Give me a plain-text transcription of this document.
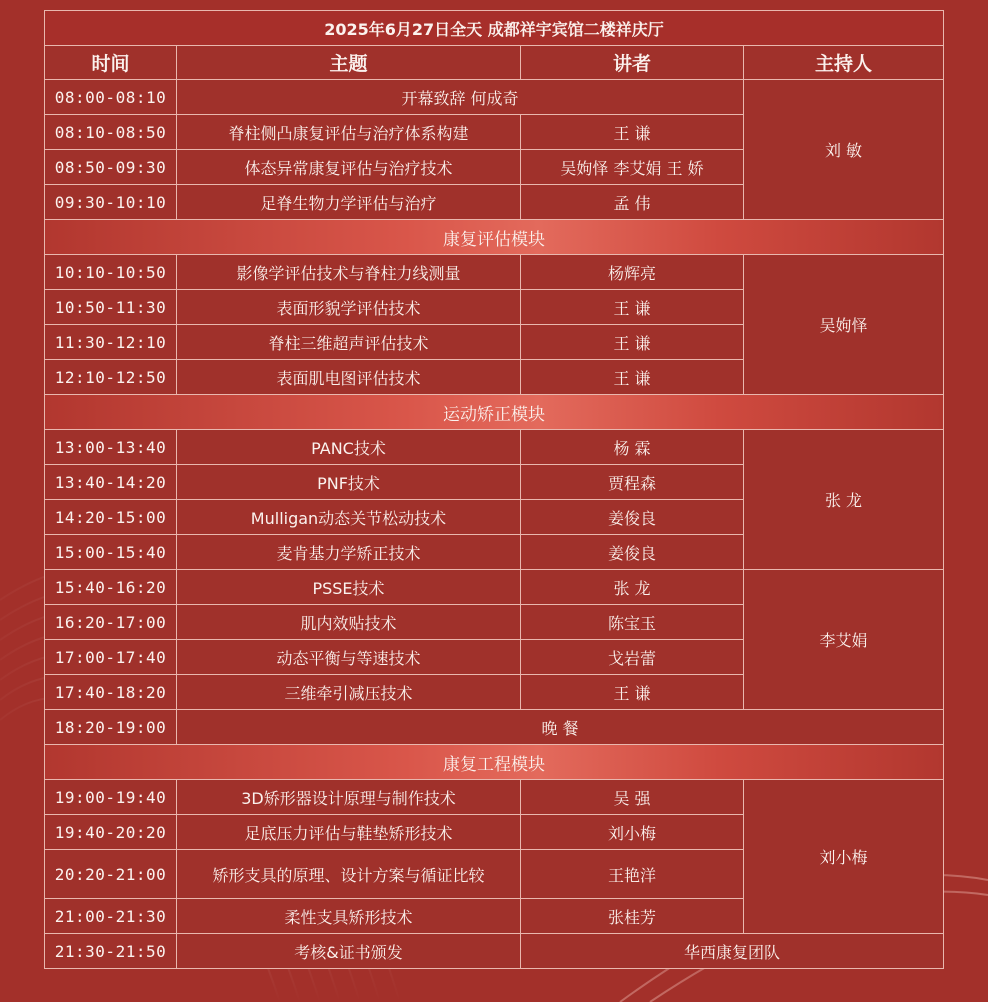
2025年6月27日全天 成都祥宇宾馆二楼祥庆厅			
时间	主题	讲者	主持人
08:00-08:10	开幕致辞 何成奇		刘 敏
08:10-08:50	脊柱侧凸康复评估与治疗体系构建	王 谦	
08:50-09:30	体态异常康复评估与治疗技术	吴姁怿 李艾娟 王 娇	
09:30-10:10	足脊生物力学评估与治疗	孟 伟	
康复评估模块			
10:10-10:50	影像学评估技术与脊柱力线测量	杨辉亮	吴姁怿
10:50-11:30	表面形貌学评估技术	王 谦	
11:30-12:10	脊柱三维超声评估技术	王 谦	
12:10-12:50	表面肌电图评估技术	王 谦	
运动矫正模块			
13:00-13:40	PANC技术	杨 霖	张 龙
13:40-14:20	PNF技术	贾程森	
14:20-15:00	Mulligan动态关节松动技术	姜俊良	
15:00-15:40	麦肯基力学矫正技术	姜俊良	
15:40-16:20	PSSE技术	张 龙	李艾娟
16:20-17:00	肌内效贴技术	陈宝玉	
17:00-17:40	动态平衡与等速技术	戈岩蕾	
17:40-18:20	三维牵引减压技术	王 谦	
18:20-19:00	晚 餐		
康复工程模块			
19:00-19:40	3D矫形器设计原理与制作技术	吴 强	刘小梅
19:40-20:20	足底压力评估与鞋垫矫形技术	刘小梅	
20:20-21:00	矫形支具的原理、设计方案与循证比较	王艳洋	
21:00-21:30	柔性支具矫形技术	张桂芳	
21:30-21:50	考核&证书颁发	华西康复团队	
